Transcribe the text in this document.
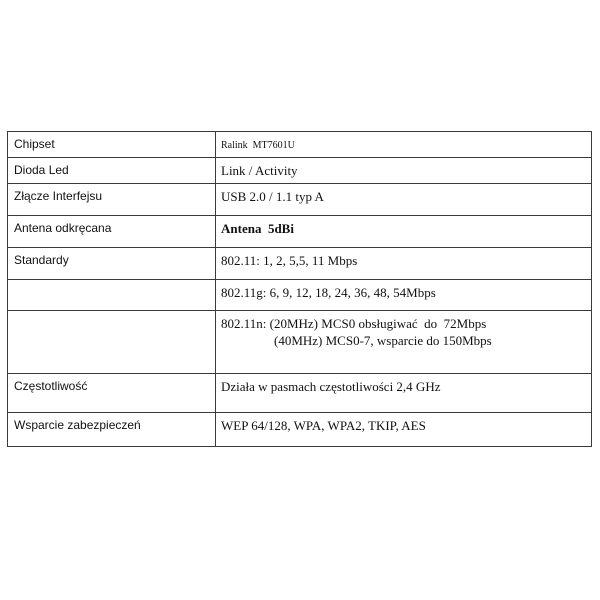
Chipset	Ralink  MT7601U
Dioda Led	Link / Activity
Złącze Interfejsu	USB 2.0 / 1.1 typ A
Antena odkręcana	Antena  5dBi
Standardy	802.11: 1, 2, 5,5, 11 Mbps
	802.11g: 6, 9, 12, 18, 24, 36, 48, 54Mbps

	802.11n: (20MHz) MCS0 obsługiwać  do  72Mbps
(40MHz) MCS0-7, wsparcie do 150Mbps

Częstotliwość	Działa w pasmach częstotliwości 2,4 GHz
Wsparcie zabezpieczeń	WEP 64/128, WPA, WPA2, TKIP, AES
